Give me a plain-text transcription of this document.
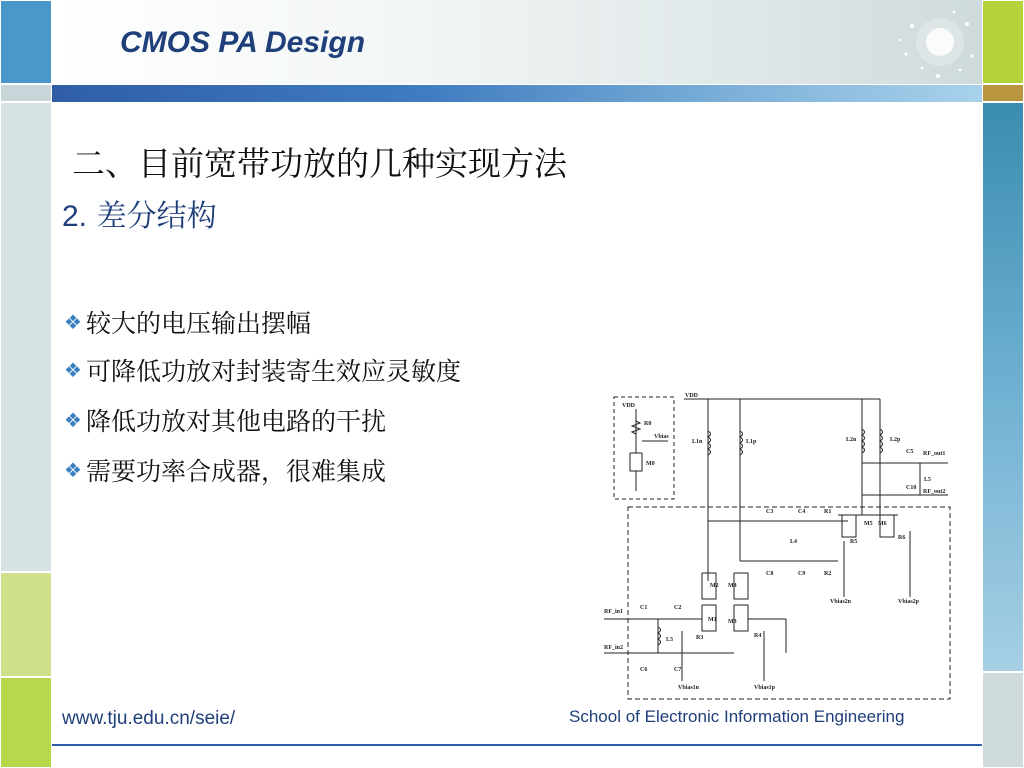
CMOS PA Design
二、目前宽带功放的几种实现方法
2. 差分结构
❖ 较大的电压输出摆幅
❖ 可降低功放对封装寄生效应灵敏度
❖ 降低功放对其他电路的干扰
❖ 需要功率合成器，很难集成
VDD
VDD
R0
Vbias
M0
L1n	L1p	L2n	L2p
C5 RF_out1
L5
C10
RF_out2
C3	C4	R1
M5 M6
R5
R6
L4
C8	C9	R2
Vbias2n	Vbias2p
M2 M4
RF_in1
C1	C2
M1 M3
L3	R3	R4
RF_in2
C6	C7
Vbias1n	Vbias1p
www.tju.edu.cn/seie/	School of Electronic Information Engineering
